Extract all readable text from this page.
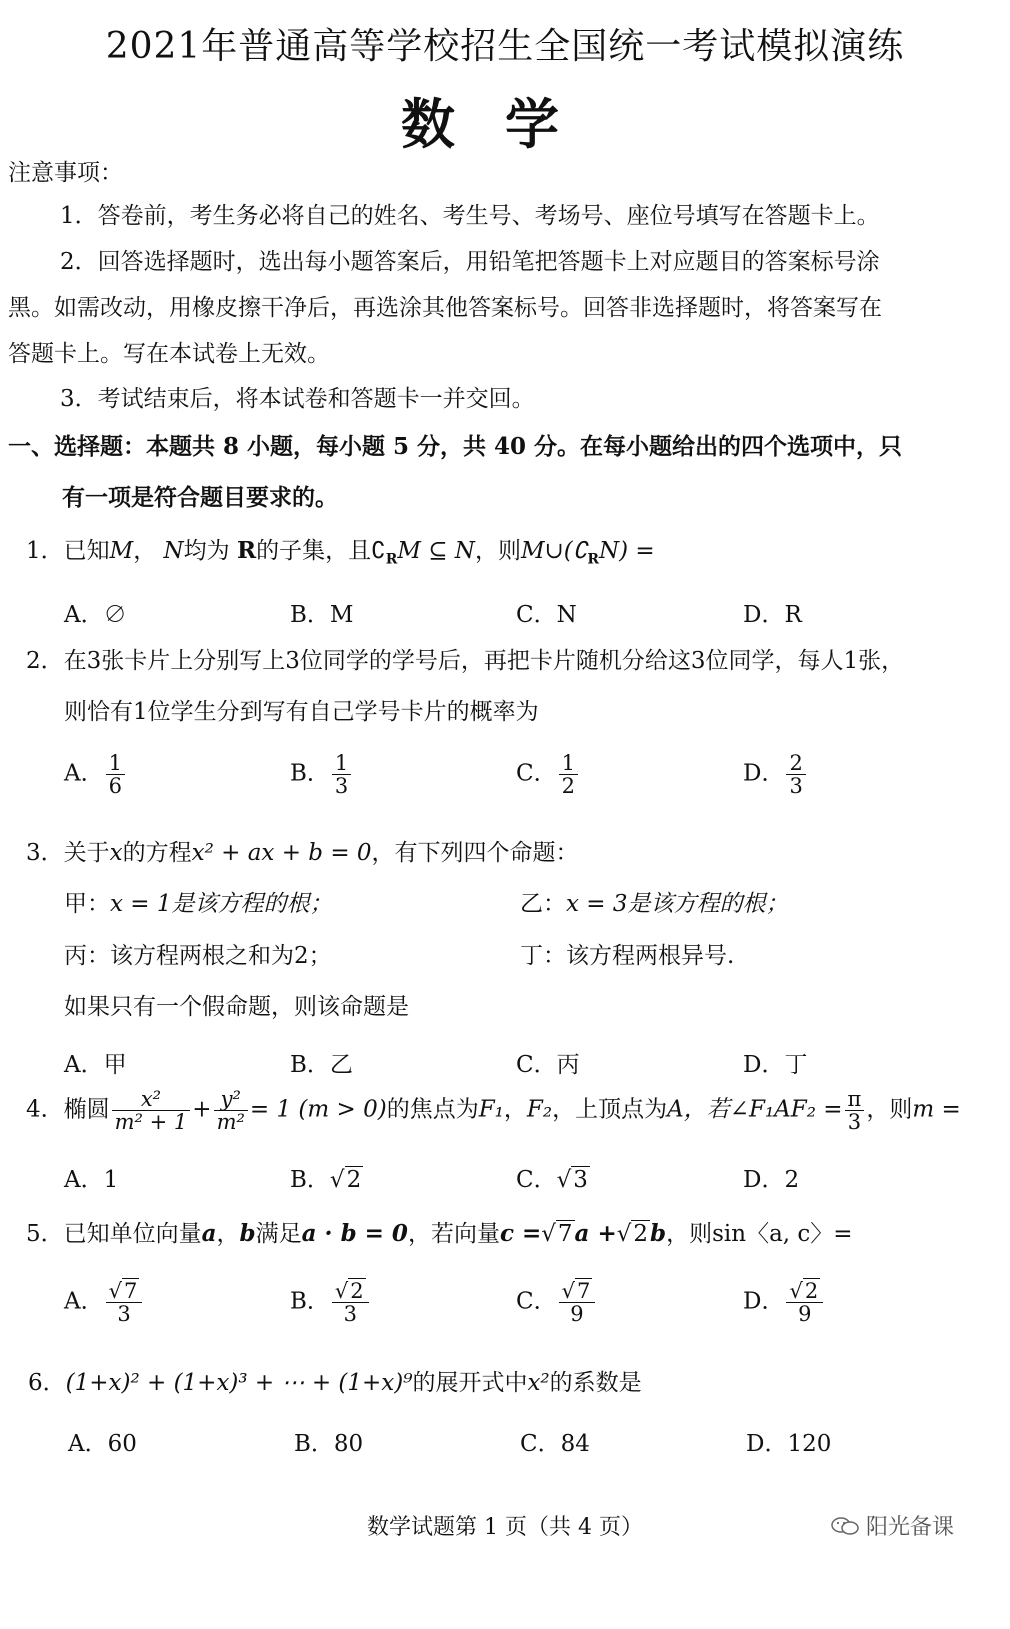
2021年普通高等学校招生全国统一考试模拟演练
数学
注意事项：
1．答卷前，考生务必将自己的姓名、考生号、考场号、座位号填写在答题卡上。
2．回答选择题时，选出每小题答案后，用铅笔把答题卡上对应题目的答案标号涂
黑。如需改动，用橡皮擦干净后，再选涂其他答案标号。回答非选择题时，将答案写在
答题卡上。写在本试卷上无效。
3．考试结束后，将本试卷和答题卡一并交回。
一、选择题：本题共 8 小题，每小题 5 分，共 40 分。在每小题给出的四个选项中，只
有一项是符合题目要求的。
1．已知M， N均为 R的子集，且$∁_RM$ ⊆ N，则$M\cup(∁_RN)$ =
A．∅	B．M	C．N	D．R
2．在3张卡片上分别写上3位同学的学号后，再把卡片随机分给这3位同学，每人1张，
则恰有1位学生分到写有自己学号卡片的概率为
A． $\frac{1}{6}$	B． $\frac{1}{3}$	C． $\frac{1}{2}$	D． $\frac{2}{3}$
3．关于x的方程x² + ax + b = 0，有下列四个命题：
甲：x = 1是该方程的根；	乙：x = 3是该方程的根；
丙：该方程两根之和为2；	丁：该方程两根异号.
如果只有一个假命题，则该命题是
A．甲	B．乙	C．丙	D．丁
4．椭圆 $\frac{\text{x²}}{\text{m² + 1}} + \frac{\text{y²}}{\text{m²}} = 1$ (m > 0)的焦点为F₁，F₂，上顶点为A，若∠F₁AF₂ = $\frac{\pi}{3}$ ，则m =
A．1	B．√2	C．√3	D．2
5．已知单位向量a，b满足a · b = 0，若向量c =√7a +√2b，则sin〈a, c〉=
A． $\frac{√7}{3}$	B． $\frac{√2}{3}$	C． $\frac{√7}{9}$	D． $\frac{√2}{9}$
6．(1+x)² + (1+x)³ + ⋯ + (1+x)⁹的展开式中x²的系数是
A．60	B．80	C．84	D．120
数学试题第 1 页（共 4 页）	阳光备课
